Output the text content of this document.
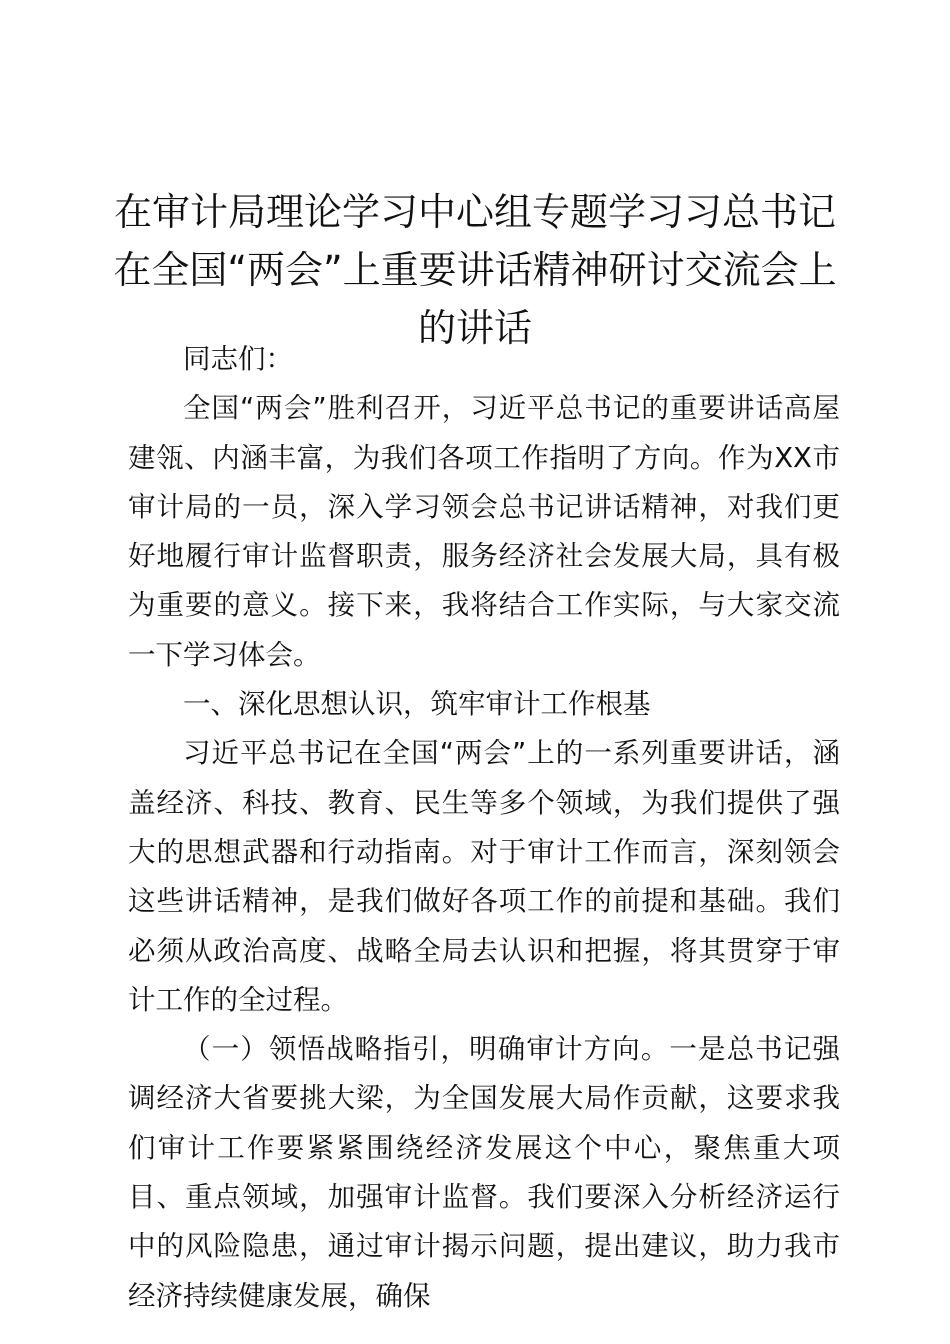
在审计局理论学习中心组专题学习习总书记在全国“两会”上重要讲话精神研讨交流会上的讲话

同志们：

全国“两会”胜利召开，习近平总书记的重要讲话高屋建瓴、内涵丰富，为我们各项工作指明了方向。作为XX市审计局的一员，深入学习领会总书记讲话精神，对我们更好地履行审计监督职责，服务经济社会发展大局，具有极为重要的意义。接下来，我将结合工作实际，与大家交流一下学习体会。

一、深化思想认识，筑牢审计工作根基

习近平总书记在全国“两会”上的一系列重要讲话，涵盖经济、科技、教育、民生等多个领域，为我们提供了强大的思想武器和行动指南。对于审计工作而言，深刻领会这些讲话精神，是我们做好各项工作的前提和基础。我们必须从政治高度、战略全局去认识和把握，将其贯穿于审计工作的全过程。

（一）领悟战略指引，明确审计方向。一是总书记强调经济大省要挑大梁，为全国发展大局作贡献，这要求我们审计工作要紧紧围绕经济发展这个中心，聚焦重大项目、重点领域，加强审计监督。我们要深入分析经济运行中的风险隐患，通过审计揭示问题，提出建议，助力我市经济持续健康发展，确保
